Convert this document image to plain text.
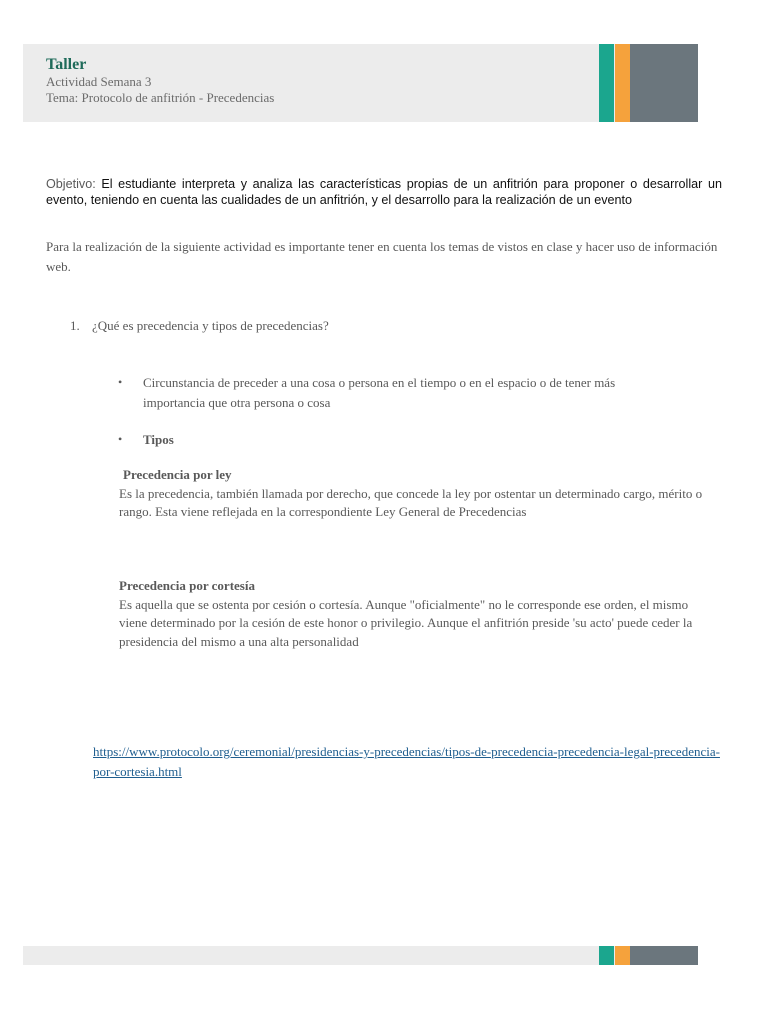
Taller
Actividad Semana 3
Tema: Protocolo de anfitrión - Precedencias
Objetivo: El estudiante interpreta y analiza las características propias de un anfitrión para proponer o desarrollar un evento, teniendo en cuenta las cualidades de un anfitrión, y el desarrollo para la realización de un evento
Para la realización de la siguiente actividad es importante tener en cuenta los temas de vistos en clase y hacer uso de información web.
1. ¿Qué es precedencia y tipos de precedencias?
• Circunstancia de preceder a una cosa o persona en el tiempo o en el espacio o de tener más importancia que otra persona o cosa
• Tipos
Precedencia por ley
Es la precedencia, también llamada por derecho, que concede la ley por ostentar un determinado cargo, mérito o rango. Esta viene reflejada en la correspondiente Ley General de Precedencias
Precedencia por cortesía
Es aquella que se ostenta por cesión o cortesía. Aunque "oficialmente" no le corresponde ese orden, el mismo viene determinado por la cesión de este honor o privilegio. Aunque el anfitrión preside 'su acto' puede ceder la presidencia del mismo a una alta personalidad
https://www.protocolo.org/ceremonial/presidencias-y-precedencias/tipos-de-precedencia-precedencia-legal-precedencia-por-cortesia.html
